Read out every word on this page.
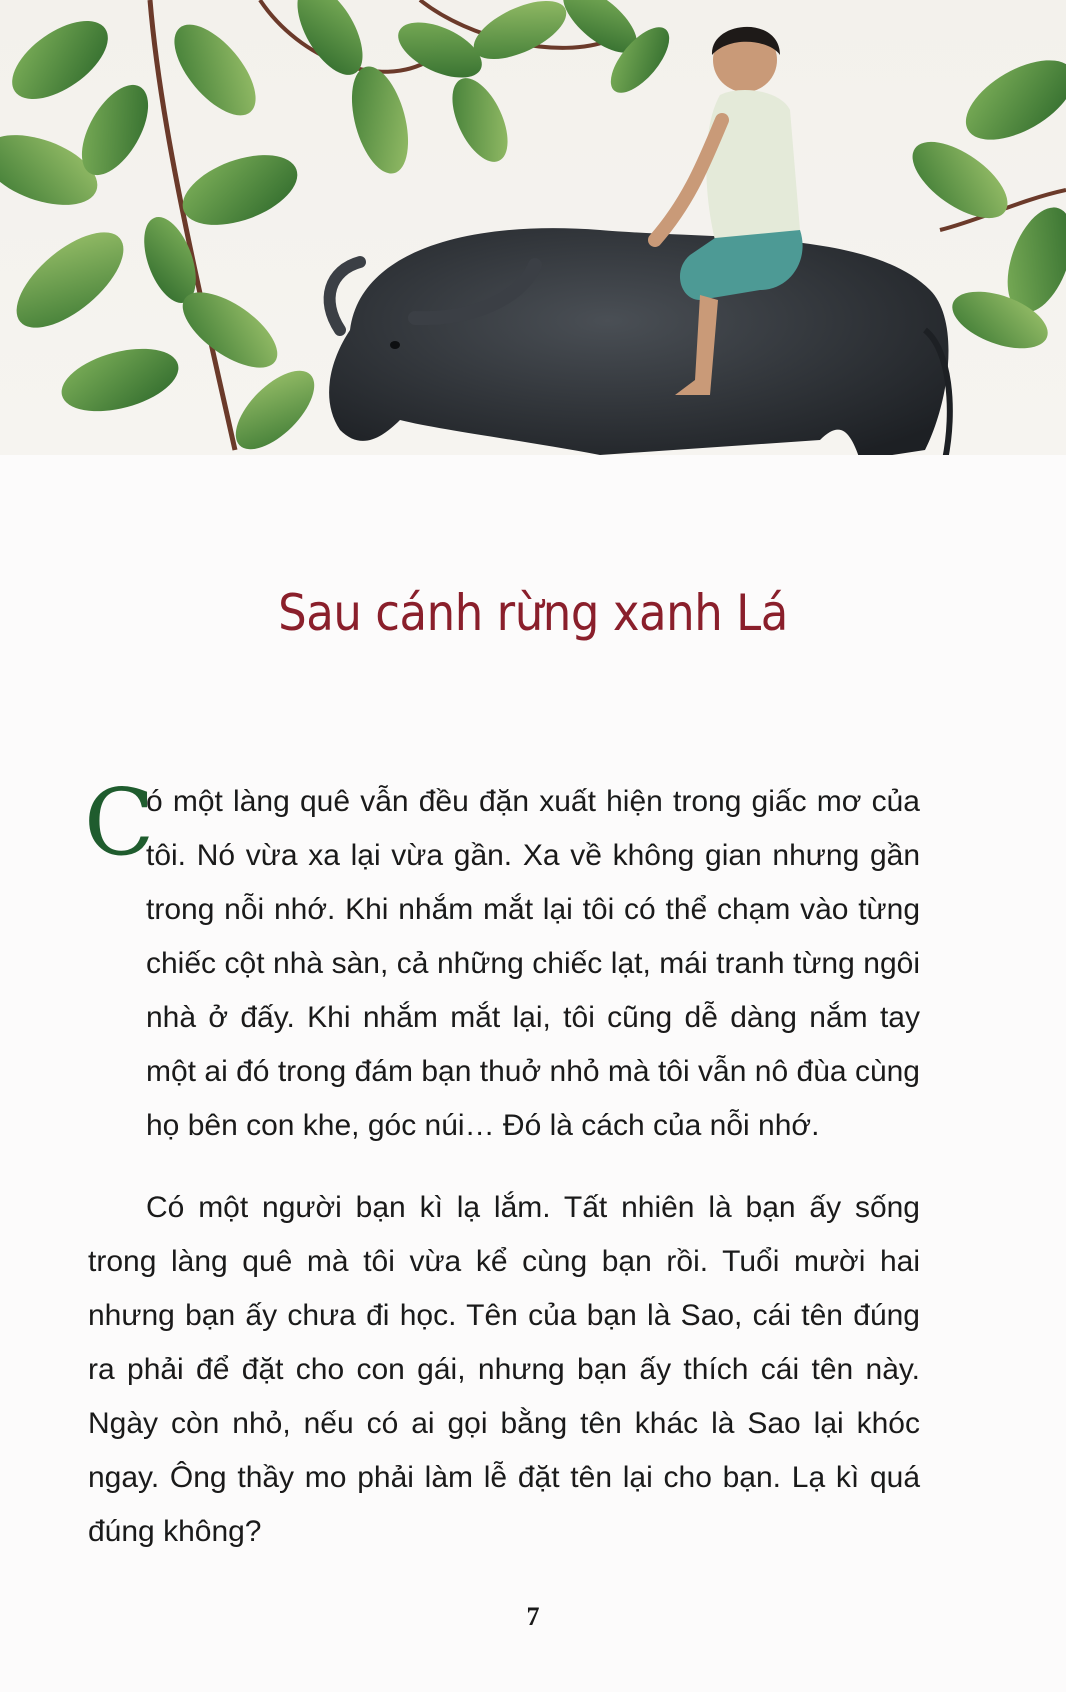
Sau cánh rừng xanh Lá

C
ó một làng quê vẫn đều đặn xuất hiện trong giấc mơ của tôi. Nó vừa xa lại vừa gần. Xa về không gian nhưng gần trong nỗi nhớ. Khi nhắm mắt lại tôi có thể chạm vào từng chiếc cột nhà sàn, cả những chiếc lạt, mái tranh từng ngôi nhà ở đấy. Khi nhắm mắt lại, tôi cũng dễ dàng nắm tay một ai đó trong đám bạn thuở nhỏ mà tôi vẫn nô đùa cùng họ bên con khe, góc núi… Đó là cách của nỗi nhớ.

Có một người bạn kì lạ lắm. Tất nhiên là bạn ấy sống trong làng quê mà tôi vừa kể cùng bạn rồi. Tuổi mười hai nhưng bạn ấy chưa đi học. Tên của bạn là Sao, cái tên đúng ra phải để đặt cho con gái, nhưng bạn ấy thích cái tên này. Ngày còn nhỏ, nếu có ai gọi bằng tên khác là Sao lại khóc ngay. Ông thầy mo phải làm lễ đặt tên lại cho bạn. Lạ kì quá đúng không?

7
